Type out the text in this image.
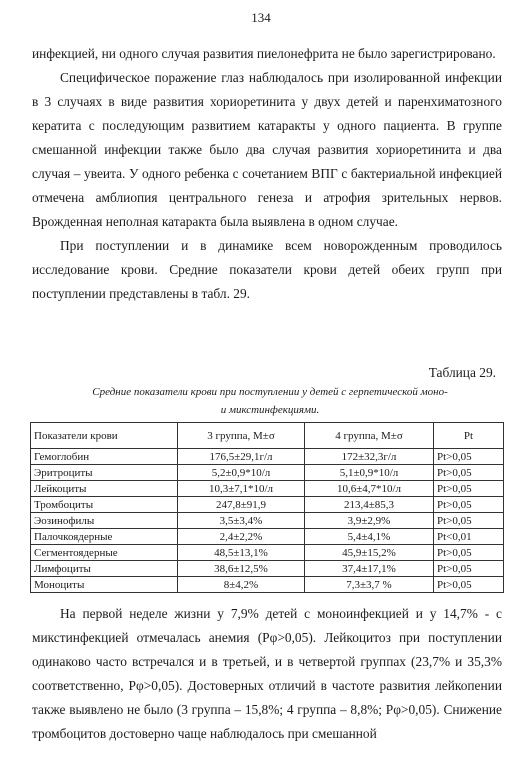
134

инфекцией, ни одного случая развития пиелонефрита не было зарегистрировано.

Специфическое поражение глаз наблюдалось при изолированной инфекции в 3 случаях в виде развития хориоретинита у двух детей и паренхиматозного кератита с последующим развитием катаракты у одного пациента. В группе смешанной инфекции также было два случая развития хориоретинита и два случая – увеита. У одного ребенка с сочетанием ВПГ с бактериальной инфекцией отмечена амблиопия центрального генеза и атрофия зрительных нервов. Врожденная неполная катаракта была выявлена в одном случае.

При поступлении и в динамике всем новорожденным проводилось исследование крови. Средние показатели крови детей обеих групп при поступлении представлены в табл. 29.

Таблица 29.
Средние показатели крови при поступлении у детей с герпетической моно- и микстинфекциями.
Показатели крови	3 группа, M±σ	4 группа, M±σ	Pt
Гемоглобин	176,5±29,1г/л	172±32,3г/л	Pt>0,05
Эритроциты	5,2±0,9*10/л	5,1±0,9*10/л	Pt>0,05
Лейкоциты	10,3±7,1*10/л	10,6±4,7*10/л	Pt>0,05
Тромбоциты	247,8±91,9	213,4±85,3	Pt>0,05
Эозинофилы	3,5±3,4%	3,9±2,9%	Pt>0,05
Палочкоядерные	2,4±2,2%	5,4±4,1%	Pt<0,01
Сегментоядерные	48,5±13,1%	45,9±15,2%	Pt>0,05
Лимфоциты	38,6±12,5%	37,4±17,1%	Pt>0,05
Моноциты	8±4,2%	7,3±3,7 %	Pt>0,05

На первой неделе жизни у 7,9% детей с моноинфекцией и у 14,7% - с микстинфекцией отмечалась анемия (Pφ>0,05). Лейкоцитоз при поступлении одинаково часто встречался и в третьей, и в четвертой группах (23,7% и 35,3% соответственно, Pφ>0,05). Достоверных отличий в частоте развития лейкопении также выявлено не было (3 группа – 15,8%; 4 группа – 8,8%; Pφ>0,05). Снижение тромбоцитов достоверно чаще наблюдалось при смешанной
